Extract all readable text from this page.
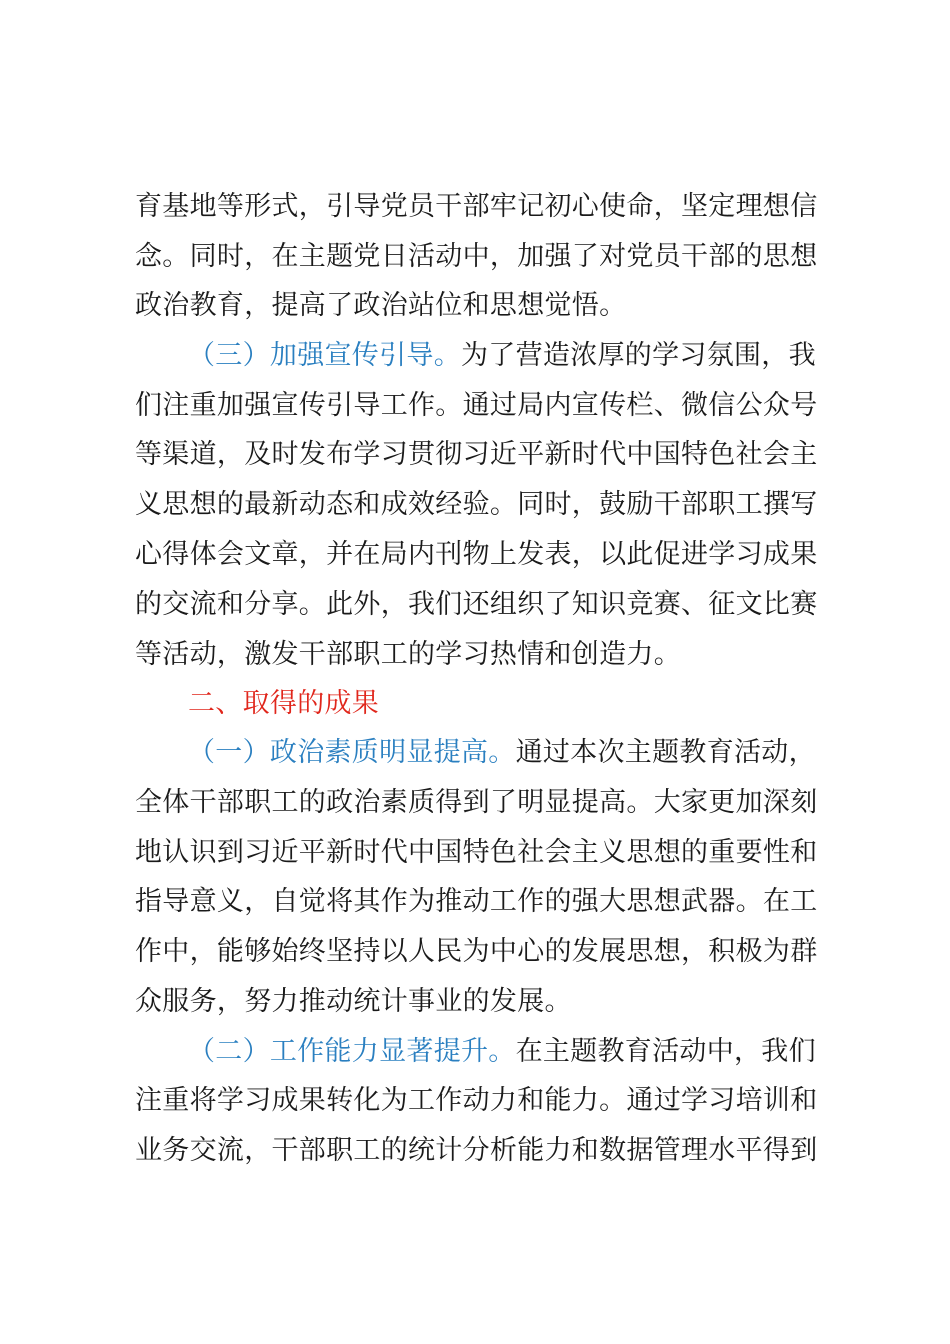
育基地等形式，引导党员干部牢记初心使命，坚定理想信
念。同时，在主题党日活动中，加强了对党员干部的思想
政治教育，提高了政治站位和思想觉悟。
（三）加强宣传引导。为了营造浓厚的学习氛围，我
们注重加强宣传引导工作。通过局内宣传栏、微信公众号
等渠道，及时发布学习贯彻习近平新时代中国特色社会主
义思想的最新动态和成效经验。同时，鼓励干部职工撰写
心得体会文章，并在局内刊物上发表，以此促进学习成果
的交流和分享。此外，我们还组织了知识竞赛、征文比赛
等活动，激发干部职工的学习热情和创造力。
二、取得的成果
（一）政治素质明显提高。通过本次主题教育活动，
全体干部职工的政治素质得到了明显提高。大家更加深刻
地认识到习近平新时代中国特色社会主义思想的重要性和
指导意义，自觉将其作为推动工作的强大思想武器。在工
作中，能够始终坚持以人民为中心的发展思想，积极为群
众服务，努力推动统计事业的发展。
（二）工作能力显著提升。在主题教育活动中，我们
注重将学习成果转化为工作动力和能力。通过学习培训和
业务交流，干部职工的统计分析能力和数据管理水平得到
